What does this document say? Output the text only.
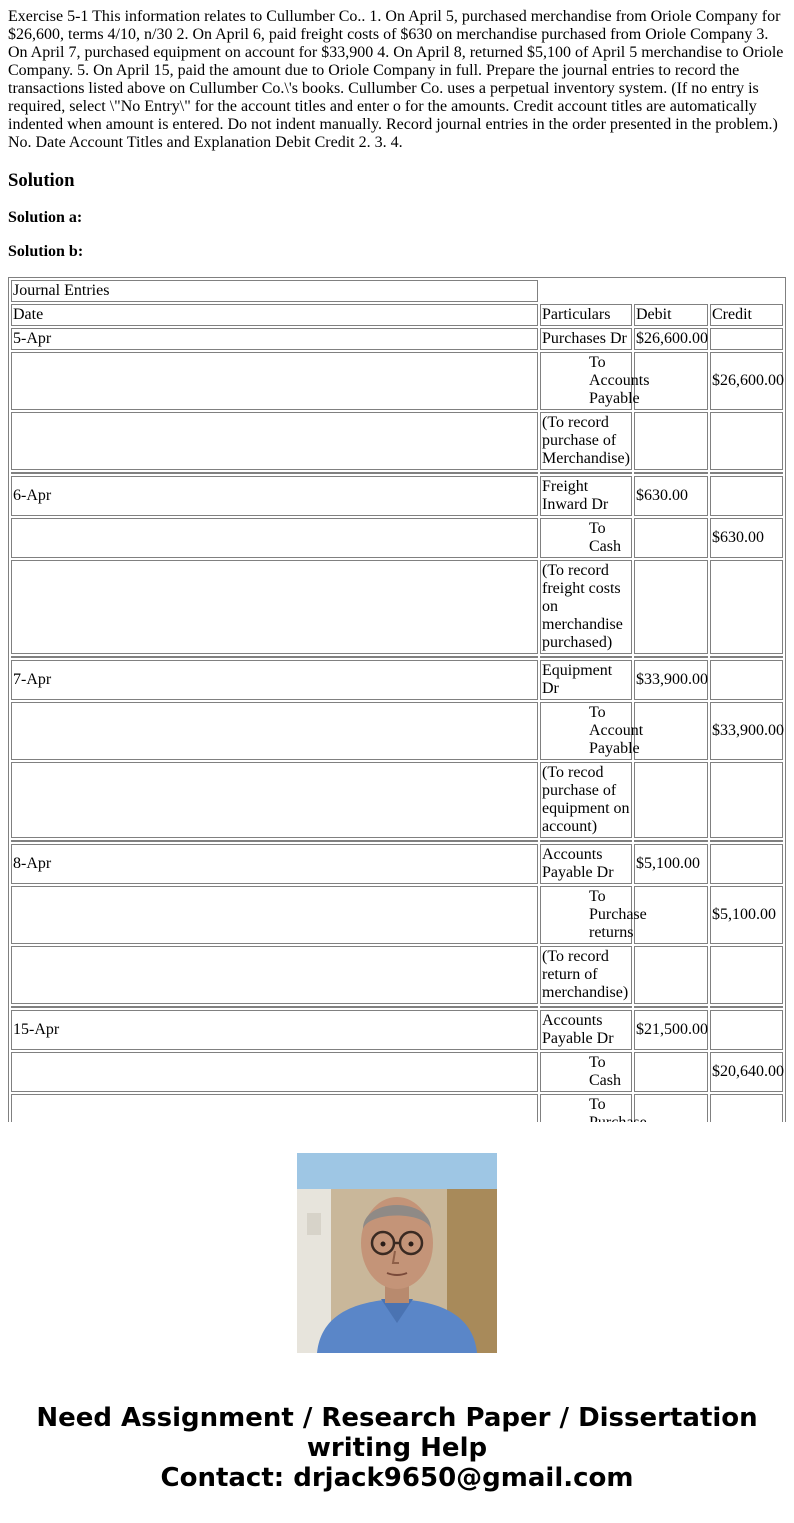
Exercise 5-1 This information relates to Cullumber Co.. 1. On April 5, purchased merchandise from Oriole Company for $26,600, terms 4/10, n/30 2. On April 6, paid freight costs of $630 on merchandise purchased from Oriole Company 3. On April 7, purchased equipment on account for $33,900 4. On April 8, returned $5,100 of April 5 merchandise to Oriole Company. 5. On April 15, paid the amount due to Oriole Company in full. Prepare the journal entries to record the transactions listed above on Cullumber Co.\'s books. Cullumber Co. uses a perpetual inventory system. (If no entry is required, select \"No Entry\" for the account titles and enter o for the amounts. Credit account titles are automatically indented when amount is entered. Do not indent manually. Record journal entries in the order presented in the problem.) No. Date Account Titles and Explanation Debit Credit 2. 3. 4.
Solution
Solution a:
Solution b:
Journal Entries			
Date	Particulars	Debit	Credit
5-Apr	Purchases Dr	$26,600.00	
	To Accounts Payable		$26,600.00
	(To record purchase of Merchandise)		

6-Apr	Freight Inward Dr	$630.00	
	To Cash		$630.00
	(To record freight costs on merchandise purchased)		

7-Apr	Equipment Dr	$33,900.00	
	To Account Payable		$33,900.00
	(To recod purchase of equipment on account)		

8-Apr	Accounts Payable Dr	$5,100.00	
	To Purchase returns		$5,100.00
	(To record return of merchandise)		

15-Apr	Accounts Payable Dr	$21,500.00	
	To Cash		$20,640.00
	To		
Need Assignment / Research Paper / Dissertation
writing Help
Contact: drjack9650@gmail.com
